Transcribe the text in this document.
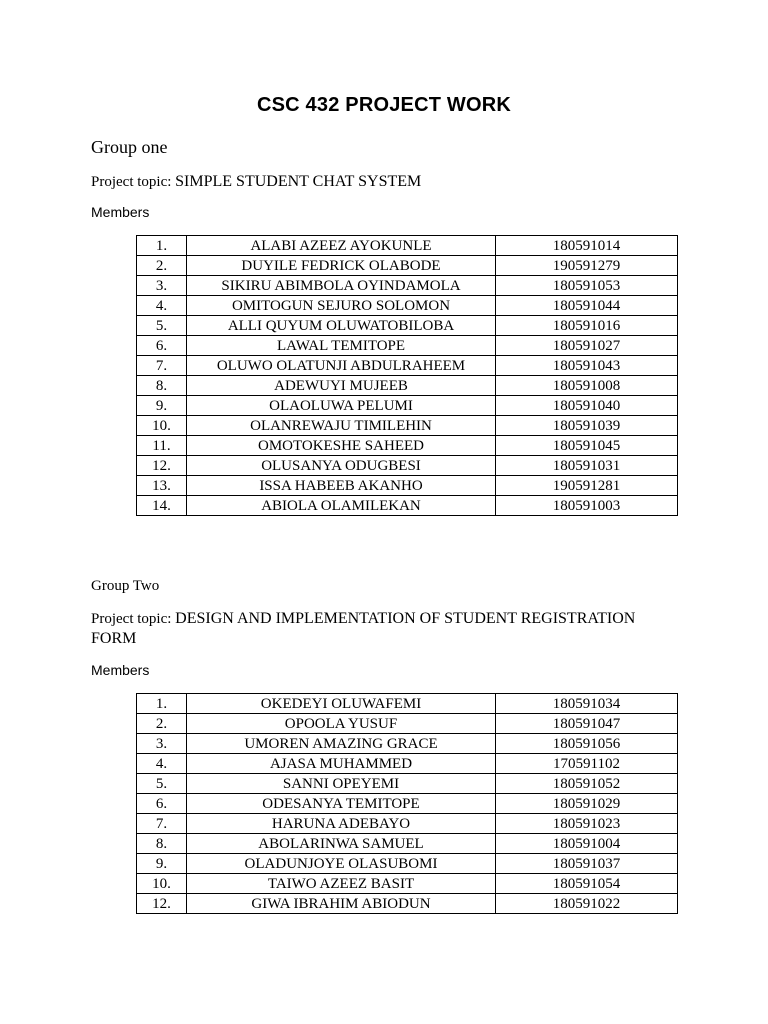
CSC 432 PROJECT WORK
Group one
Project topic: SIMPLE STUDENT CHAT SYSTEM
Members
1.	ALABI AZEEZ AYOKUNLE	180591014
2.	DUYILE FEDRICK OLABODE	190591279
3.	SIKIRU ABIMBOLA OYINDAMOLA	180591053
4.	OMITOGUN SEJURO SOLOMON	180591044
5.	ALLI QUYUM OLUWATOBILOBA	180591016
6.	LAWAL TEMITOPE	180591027
7.	OLUWO OLATUNJI ABDULRAHEEM	180591043
8.	ADEWUYI MUJEEB	180591008
9.	OLAOLUWA PELUMI	180591040
10.	OLANREWAJU TIMILEHIN	180591039
11.	OMOTOKESHE SAHEED	180591045
12.	OLUSANYA ODUGBESI	180591031
13.	ISSA HABEEB AKANHO	190591281
14.	ABIOLA OLAMILEKAN	180591003
Group Two
Project topic: DESIGN AND IMPLEMENTATION OF STUDENT REGISTRATION
FORM
Members
1.	OKEDEYI OLUWAFEMI	180591034
2.	OPOOLA YUSUF	180591047
3.	UMOREN AMAZING GRACE	180591056
4.	AJASA MUHAMMED	170591102
5.	SANNI OPEYEMI	180591052
6.	ODESANYA TEMITOPE	180591029
7.	HARUNA ADEBAYO	180591023
8.	ABOLARINWA SAMUEL	180591004
9.	OLADUNJOYE OLASUBOMI	180591037
10.	TAIWO AZEEZ BASIT	180591054
12.	GIWA IBRAHIM ABIODUN	180591022
